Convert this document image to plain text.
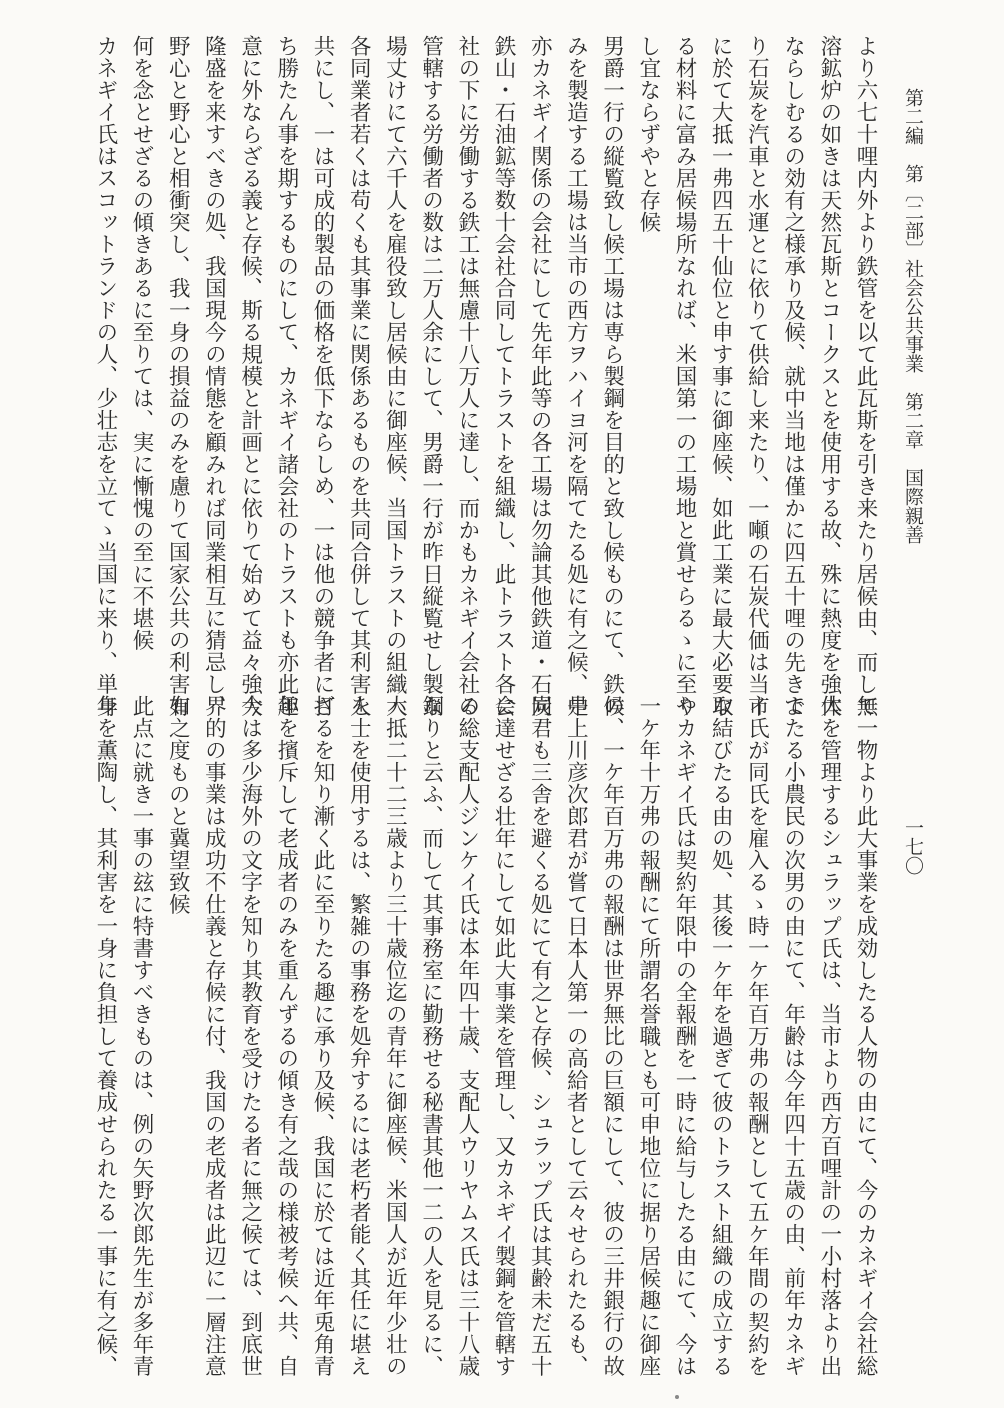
第二編　第〔二部〕社会公共事業　第二章　国際親善
一七〇
より六七十哩内外より鉄管を以て此瓦斯を引き来たり居候由、而して
溶鉱炉の如きは天然瓦斯とコークスとを使用する故、殊に熱度を強大
ならしむるの効有之様承り及候、就中当地は僅かに四五十哩の先きよ
り石炭を汽車と水運とに依りて供給し来たり、一噸の石炭代価は当市
に於て大抵一弗四五十仙位と申す事に御座候、如此工業に最大必要な
る材料に富み居候場所なれば、米国第一の工場地と賞せらるゝに至り
し宜ならずやと存候
男爵一行の縦覧致し候工場は専ら製鋼を目的と致し候ものにて、鉄の
みを製造する工場は当市の西方ヲハイヨ河を隔てたる処に有之候、是
亦カネギイ関係の会社にして先年此等の各工場は勿論其他鉄道・石炭
鉄山・石油鉱等数十会社合同してトラストを組織し、此トラスト各会
社の下に労働する鉄工は無慮十八万人に達し、而かもカネギイ会社の
管轄する労働者の数は二万人余にして、男爵一行が昨日縦覧せし製鋼
場丈けにて六千人を雇役致し居候由に御座候、当国トラストの組織ハ
各同業者若くは苟くも其事業に関係あるものを共同合併して其利害を
共にし、一は可成的製品の価格を低下ならしめ、一は他の競争者に打
ち勝たん事を期するものにして、カネギイ諸会社のトラストも亦此趣
意に外ならざる義と存候、斯る規模と計画とに依りて始めて益々強大
隆盛を来すべきの処、我国現今の情態を顧みれば同業相互に猜忌し、
野心と野心と相衝突し、我一身の損益のみを慮りて国家公共の利害如
何を念とせざるの傾きあるに至りては、実に慚愧の至に不堪候
カネギイ氏はスコットランドの人、少壮志を立てゝ当国に来り、単身
無一物より此大事業を成効したる人物の由にて、今のカネギイ会社総
体を管理するシュラップ氏は、当市より西方百哩計の一小村落より出
でたる小農民の次男の由にて、年齢は今年四十五歳の由、前年カネギ
イ氏が同氏を雇入るゝ時一ケ年百万弗の報酬として五ケ年間の契約を
取結びたる由の処、其後一ケ年を過ぎて彼のトラスト組織の成立する
やカネギイ氏は契約年限中の全報酬を一時に給与したる由にて、今は
一ケ年十万弗の報酬にて所謂名誉職とも可申地位に据り居候趣に御座
候、一ケ年百万弗の報酬は世界無比の巨額にして、彼の三井銀行の故
中上川彦次郎君が嘗て日本人第一の高給者として云々せられたるも、
同君も三舎を避くる処にて有之と存候、シュラップ氏は其齢未だ五十
に達せざる壮年にして如此大事業を管理し、又カネギイ製鋼を管轄す
る総支配人ジンケイ氏は本年四十歳、支配人ウリヤムス氏は三十八歳
なりと云ふ、而して其事務室に勤務せる秘書其他一二の人を見るに、
大抵二十二三歳より三十歳位迄の青年に御座候、米国人が近年少壮の
人士を使用するは、繁雑の事務を処弁するには老朽者能く其任に堪え
ざるを知り漸く此に至りたる趣に承り及候、我国に於ては近年兎角青
年を擯斥して老成者のみを重んずるの傾き有之哉の様被考候へ共、自
今は多少海外の文字を知り其教育を受けたる者に無之候ては、到底世
界的の事業は成功不仕義と存候に付、我国の老成者は此辺に一層注意
有之度ものと冀望致候
此点に就き一事の玆に特書すべきものは、例の矢野次郎先生が多年青
年を薫陶し、其利害を一身に負担して養成せられたる一事に有之候、
